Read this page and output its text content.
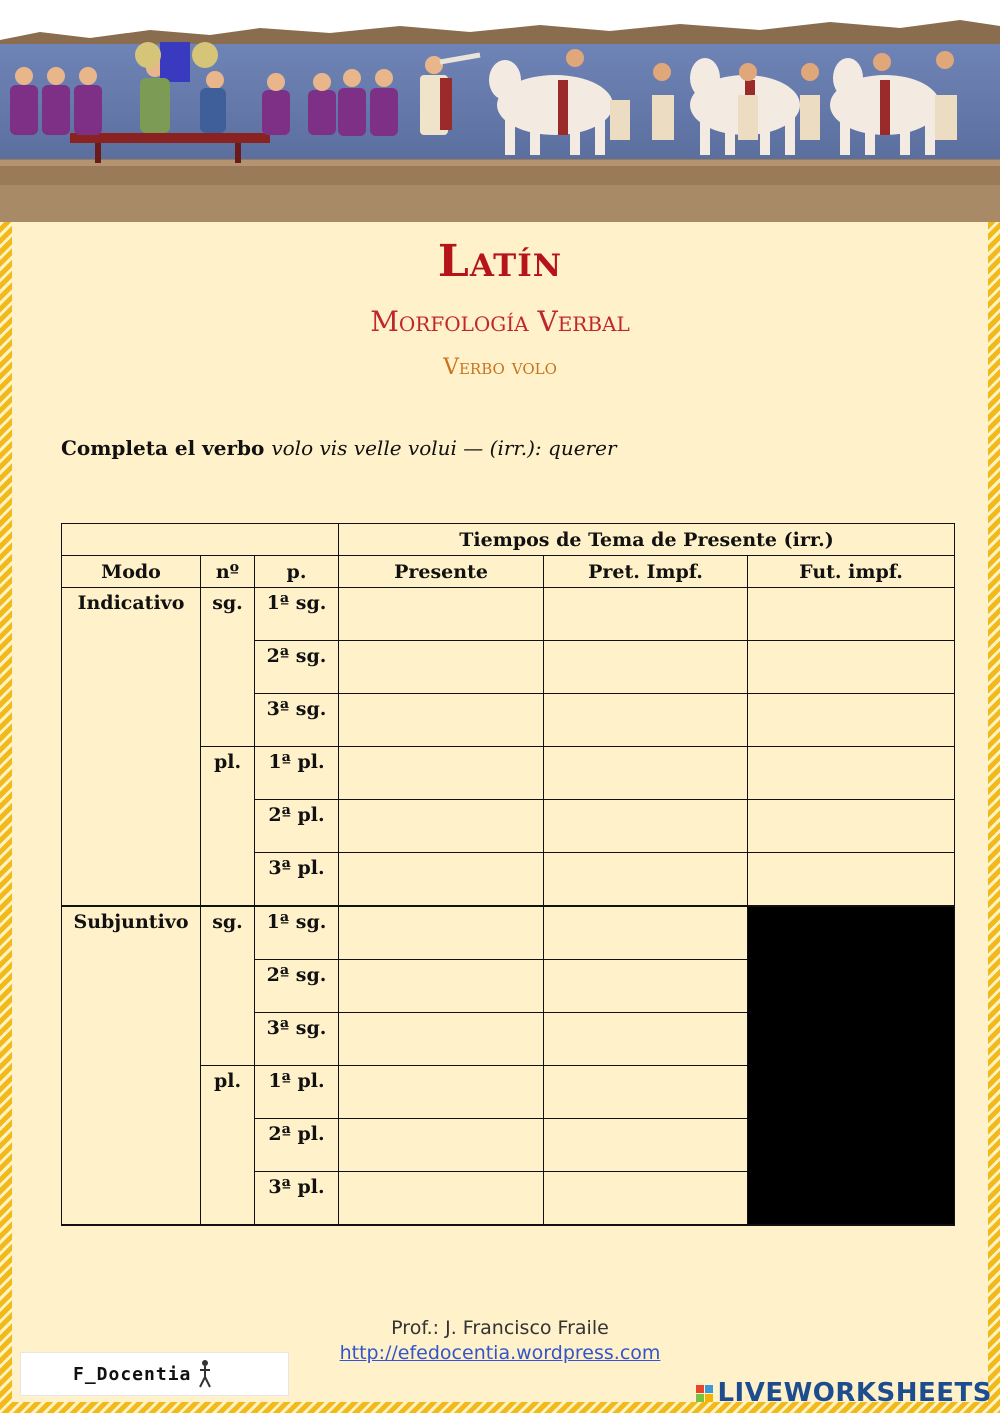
Latín
Morfología Verbal
Verbo volo
Completa el verbo volo vis velle volui — (irr.): querer
			Tiempos de Tema de Presente (irr.)		
Modo	nº	p.	Presente	Pret. Impf.	Fut. impf.
Indicativo	sg.	1ª sg.			
		2ª sg.			
		3ª sg.			
	pl.	1ª pl.			
		2ª pl.			
		3ª pl.			
Subjuntivo	sg.	1ª sg.			
		2ª sg.			
		3ª sg.			
	pl.	1ª pl.			
		2ª pl.			
		3ª pl.			
Prof.: J. Francisco Fraile
http://efedocentia.wordpress.com
F_Docentia
LIVEWORKSHEETS
